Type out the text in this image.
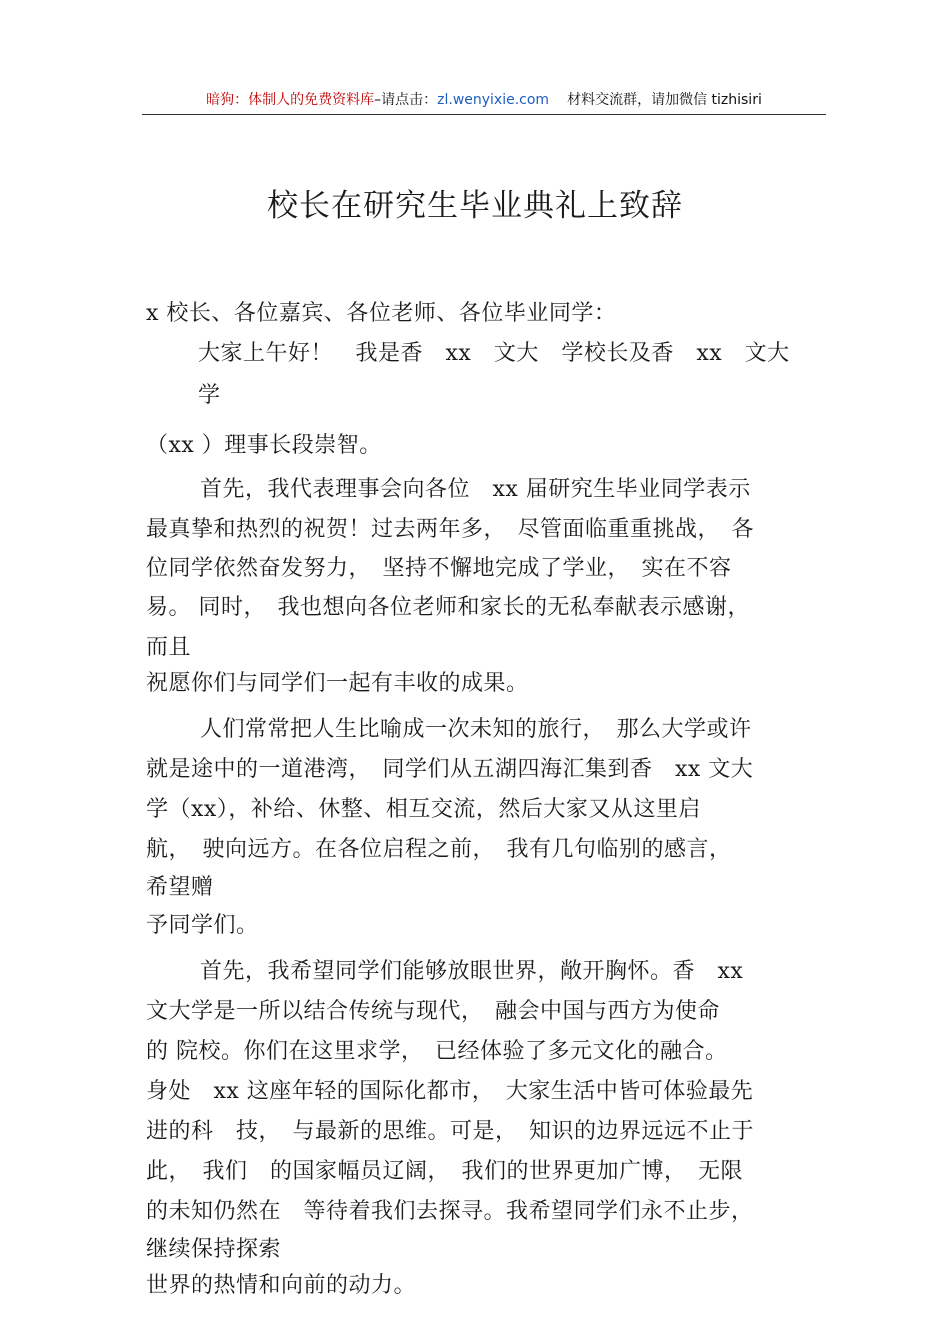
暗狗：体制人的免费资料库–请点击：zl.wenyixie.com 材料交流群，请加微信 tizhisiri
校长在研究生毕业典礼上致辞
x 校长、各位嘉宾、各位老师、各位毕业同学：
大家上午好！　我是香　xx　文大　学校长及香　xx　文大
学
（xx ）理事长段崇智。
首先，我代表理事会向各位　xx 届研究生毕业同学表示
最真挚和热烈的祝贺！过去两年多，　尽管面临重重挑战，　各
位同学依然奋发努力，　坚持不懈地完成了学业，　实在不容
易。 同时，　我也想向各位老师和家长的无私奉献表示感谢，
而且
祝愿你们与同学们一起有丰收的成果。
人们常常把人生比喻成一次未知的旅行，　那么大学或许
就是途中的一道港湾，　同学们从五湖四海汇集到香　xx 文大
学（xx），补给、休整、相互交流，然后大家又从这里启
航，　驶向远方。在各位启程之前，　我有几句临别的感言，
希望赠
予同学们。
首先，我希望同学们能够放眼世界，敞开胸怀。香　xx
文大学是一所以结合传统与现代，　融会中国与西方为使命
的 院校。你们在这里求学，　已经体验了多元文化的融合。
身处　xx 这座年轻的国际化都市，　大家生活中皆可体验最先
进的科　技，　与最新的思维。可是，　知识的边界远远不止于
此，　我们　的国家幅员辽阔，　我们的世界更加广博，　无限
的未知仍然在　等待着我们去探寻。我希望同学们永不止步，
继续保持探索
世界的热情和向前的动力。
